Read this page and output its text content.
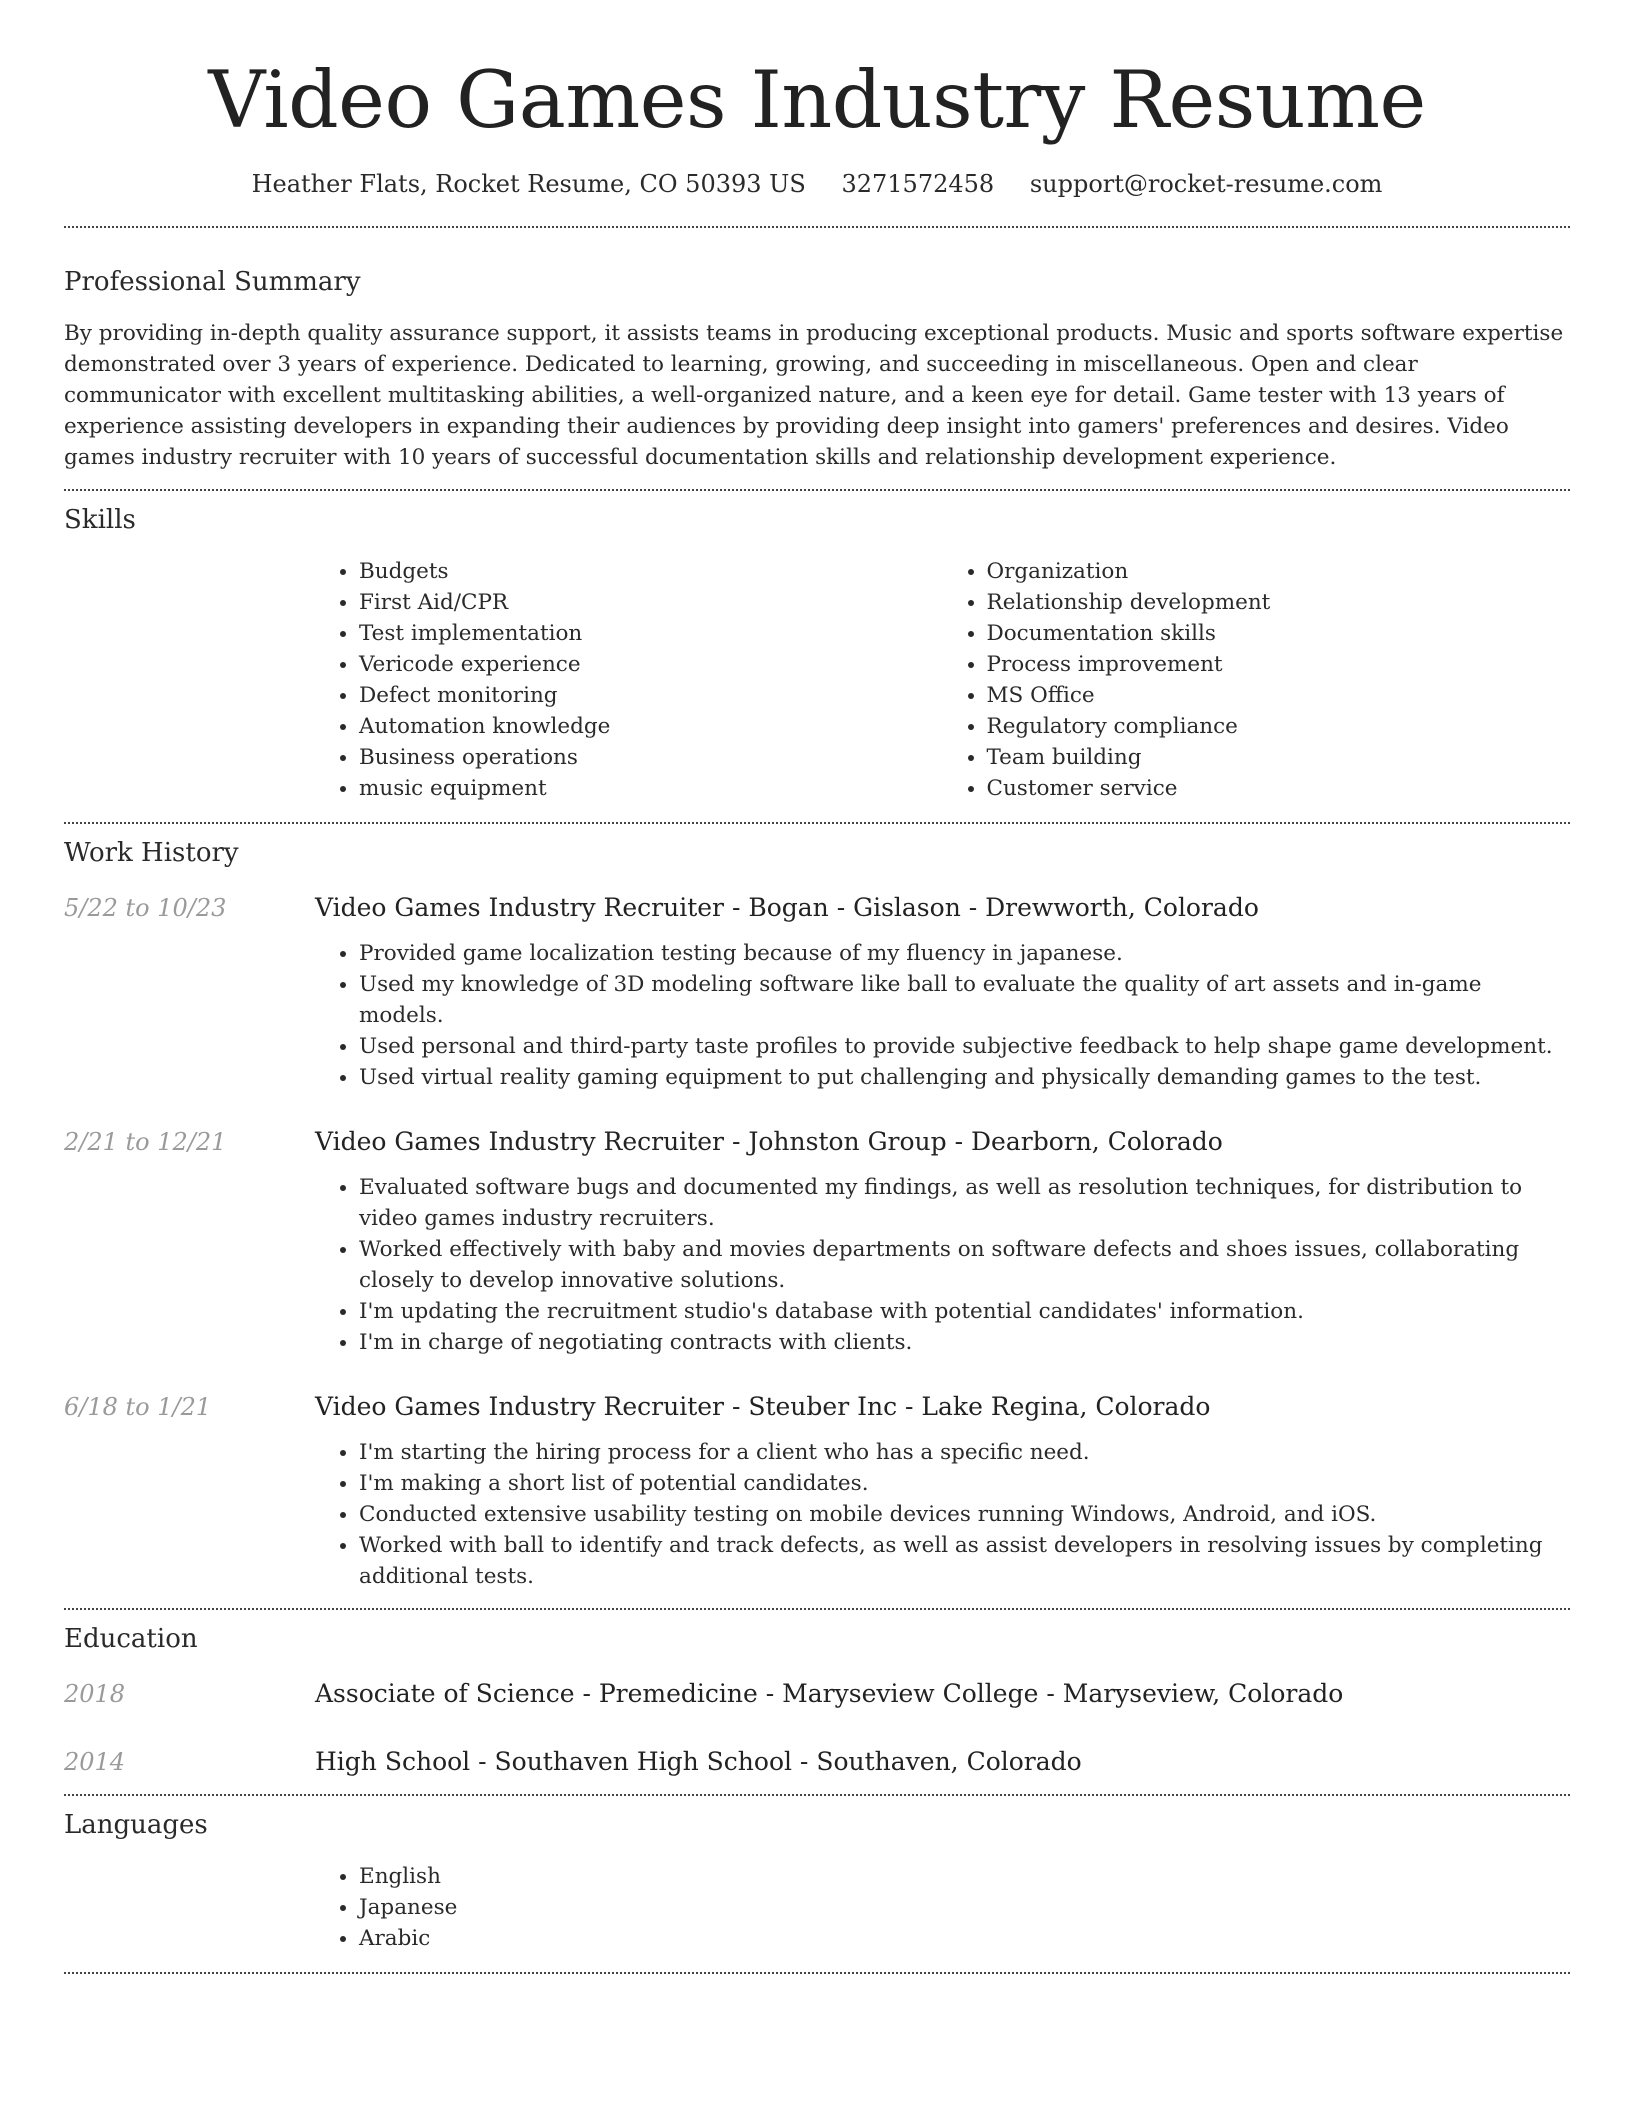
Video Games Industry Resume
Heather Flats, Rocket Resume, CO 50393 US 3271572458 support@rocket-resume.com
Professional Summary

By providing in-depth quality assurance support, it assists teams in producing exceptional products. Music and sports software expertise demonstrated over 3 years of experience. Dedicated to learning, growing, and succeeding in miscellaneous. Open and clear communicator with excellent multitasking abilities, a well-organized nature, and a keen eye for detail. Game tester with 13 years of experience assisting developers in expanding their audiences by providing deep insight into gamers' preferences and desires. Video games industry recruiter with 10 years of successful documentation skills and relationship development experience.

Skills
• Budgets
• First Aid/CPR
• Test implementation
• Vericode experience
• Defect monitoring
• Automation knowledge
• Business operations
• music equipment
• Organization
• Relationship development
• Documentation skills
• Process improvement
• MS Office
• Regulatory compliance
• Team building
• Customer service
Work History
5/22 to 10/23	Video Games Industry Recruiter - Bogan - Gislason - Drewworth, Colorado
• Provided game localization testing because of my fluency in japanese.
• Used my knowledge of 3D modeling software like ball to evaluate the quality of art assets and in-game models.
• Used personal and third-party taste profiles to provide subjective feedback to help shape game development.
• Used virtual reality gaming equipment to put challenging and physically demanding games to the test.
2/21 to 12/21	Video Games Industry Recruiter - Johnston Group - Dearborn, Colorado
• Evaluated software bugs and documented my findings, as well as resolution techniques, for distribution to video games industry recruiters.
• Worked effectively with baby and movies departments on software defects and shoes issues, collaborating closely to develop innovative solutions.
• I'm updating the recruitment studio's database with potential candidates' information.
• I'm in charge of negotiating contracts with clients.
6/18 to 1/21	Video Games Industry Recruiter - Steuber Inc - Lake Regina, Colorado
• I'm starting the hiring process for a client who has a specific need.
• I'm making a short list of potential candidates.
• Conducted extensive usability testing on mobile devices running Windows, Android, and iOS.
• Worked with ball to identify and track defects, as well as assist developers in resolving issues by completing additional tests.
Education
2018	Associate of Science - Premedicine - Maryseview College - Maryseview, Colorado
2014	High School - Southaven High School - Southaven, Colorado
Languages
• English
• Japanese
• Arabic
